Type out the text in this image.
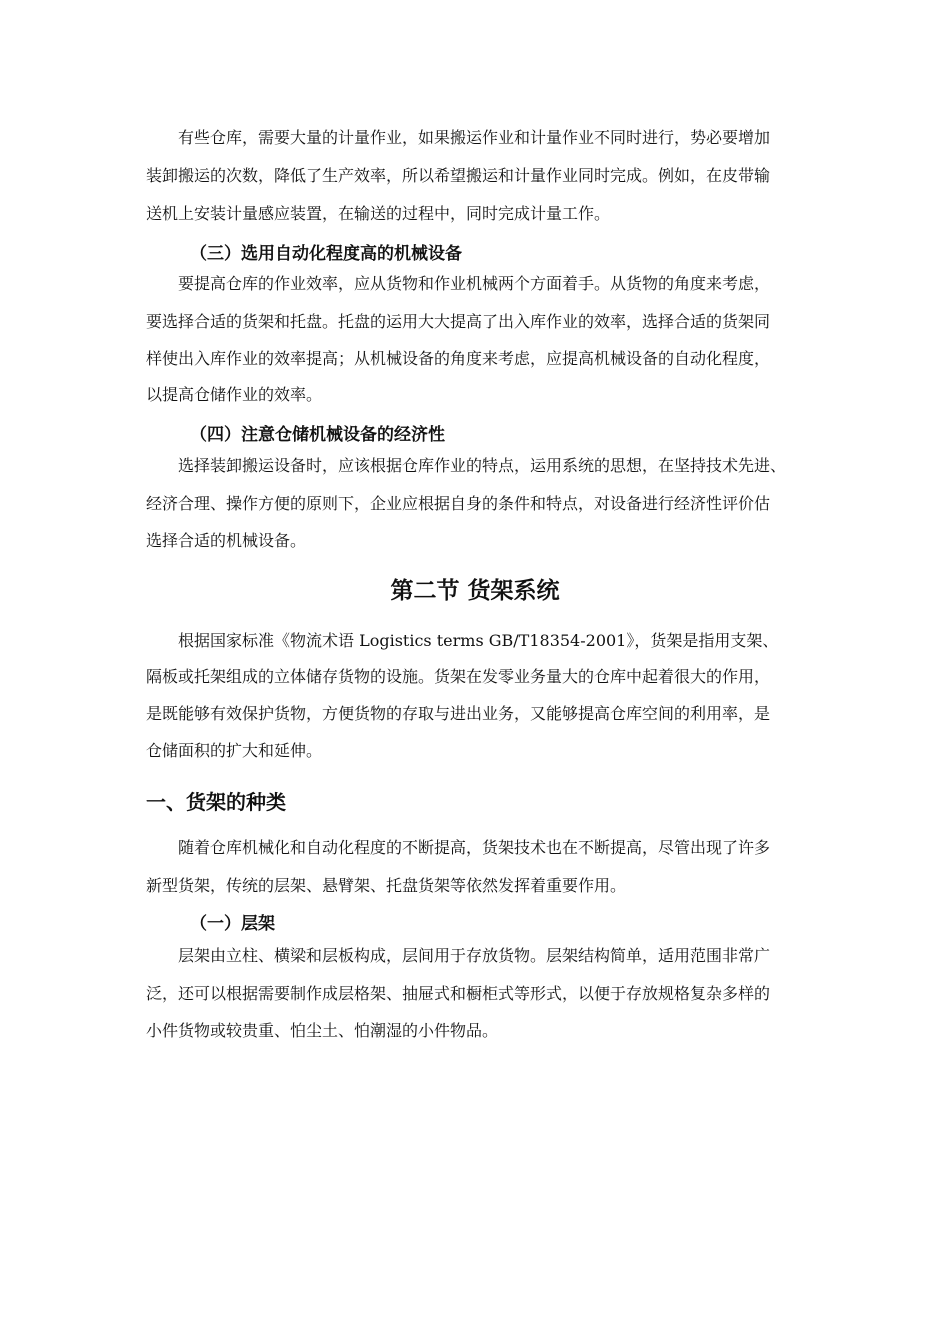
有些仓库，需要大量的计量作业，如果搬运作业和计量作业不同时进行，势必要增加
装卸搬运的次数，降低了生产效率，所以希望搬运和计量作业同时完成。例如，在皮带输
送机上安装计量感应装置，在输送的过程中，同时完成计量工作。
（三）选用自动化程度高的机械设备
要提高仓库的作业效率，应从货物和作业机械两个方面着手。从货物的角度来考虑，
要选择合适的货架和托盘。托盘的运用大大提高了出入库作业的效率，选择合适的货架同
样使出入库作业的效率提高；从机械设备的角度来考虑，应提高机械设备的自动化程度，
以提高仓储作业的效率。
（四）注意仓储机械设备的经济性
选择装卸搬运设备时，应该根据仓库作业的特点，运用系统的思想，在坚持技术先进、
经济合理、操作方便的原则下，企业应根据自身的条件和特点，对设备进行经济性评价估
选择合适的机械设备。
第二节 货架系统
根据国家标准《物流术语 Logistics terms GB/T18354-2001》，货架是指用支架、
隔板或托架组成的立体储存货物的设施。货架在发零业务量大的仓库中起着很大的作用，
是既能够有效保护货物，方便货物的存取与进出业务，又能够提高仓库空间的利用率，是
仓储面积的扩大和延伸。
一、货架的种类
随着仓库机械化和自动化程度的不断提高，货架技术也在不断提高，尽管出现了许多
新型货架，传统的层架、悬臂架、托盘货架等依然发挥着重要作用。
（一）层架
层架由立柱、横梁和层板构成，层间用于存放货物。层架结构简单，适用范围非常广
泛，还可以根据需要制作成层格架、抽屉式和橱柜式等形式，以便于存放规格复杂多样的
小件货物或较贵重、怕尘土、怕潮湿的小件物品。
